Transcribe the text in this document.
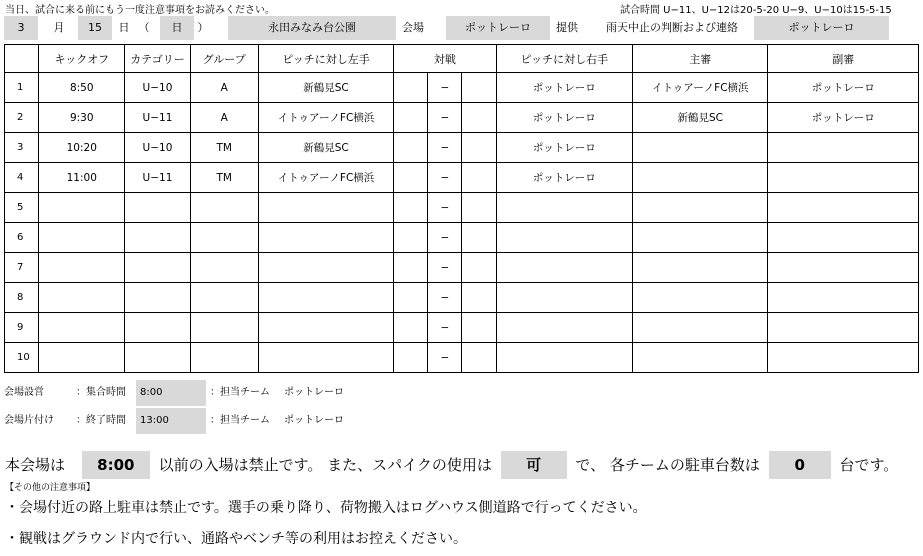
当日、試合に来る前にもう一度注意事項をお読みください。	試合時間 U−11、U−12は20-5-20 U−9、U−10は15-5-15
3	月	15	日 （	日	）	永田みなみ台公園	会場	ポットレーロ	提供	雨天中止の判断および連絡	ポットレーロ
	キックオフ	カテゴリー	グループ	ピッチに対し左手	対戦			ピッチに対し右手	主審	副審
1	8:50	U−10	A	新鶴見SC		−		ポットレーロ	イトゥアーノFC横浜	ポットレーロ
2	9:30	U−11	A	イトゥアーノFC横浜		−		ポットレーロ	新鶴見SC	ポットレーロ
3	10:20	U−10	TM	新鶴見SC		−		ポットレーロ		
4	11:00	U−11	TM	イトゥアーノFC横浜		−		ポットレーロ		
5						−				
6						−				
7						−				
8						−				
9						−				
10						−				
会場設営	：集合時間 8:00	：担当チーム ポットレーロ
会場片付け ：終了時間 13:00	：担当チーム ポットレーロ
本会場は 8:00 以前の入場は禁止です。 また、スパイクの使用は 可 で、 各チームの駐車台数は 0 台です。
【その他の注意事項】
・会場付近の路上駐車は禁止です。選手の乗り降り、荷物搬入はログハウス側道路で行ってください。
・観戦はグラウンド内で行い、通路やベンチ等の利用はお控えください。
